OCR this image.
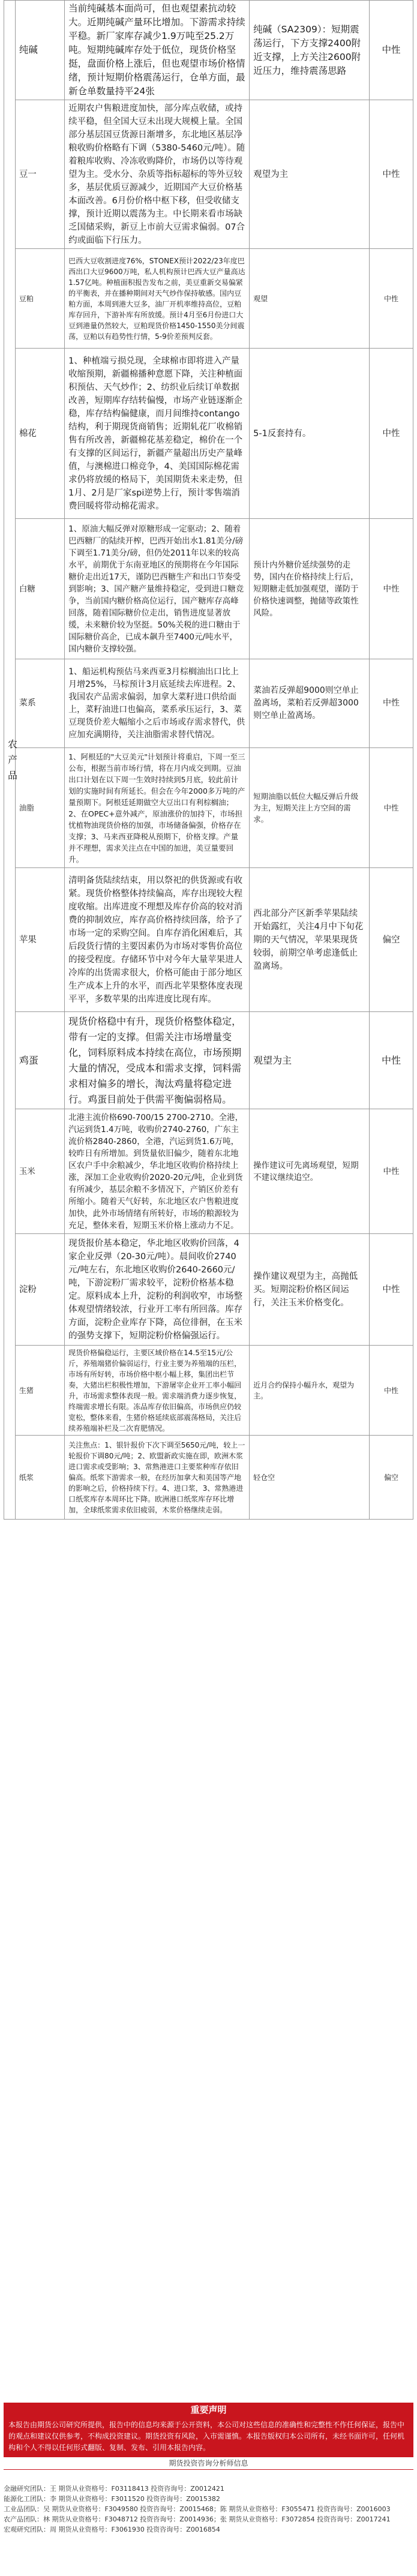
农产品	纯碱	当前纯碱基本面尚可，但也观望素抗动较大。近期纯碱产量环比增加。下游需求持续平稳。新厂家库存减少1.9万吨至25.2万吨。短期纯碱库存处于低位，现货价格坚挺，盘面价格上涨后，但也观望市场价格情绪，预计短期价格震荡运行，仓单方面，最新仓单数量持平24张	纯碱（SA2309）：短期震荡运行，下方支撑2400附近支撑，上方关注2600附近压力，维持震荡思路	中性
	豆一	近期农户售粮进度加快，部分库点收储，或持续平稳，但全国大豆未出现大规模上量。全国部分基层国豆货源日渐增多，东北地区基层净粮收购价格略有下调（5380-5460元/吨）。随着粮库收购、冷冻收购降价，市场仍以等待观望为主。受水分、杂质等指标超标的等外豆较多，基层优质豆源减少，近期国产大豆价格基本面改善。6月份价格中枢下移，但受收储支撑，预计近期以震荡为主。中长期来看市场缺乏国储采购，新豆上市前大豆需求偏弱。07合约或面临下行压力。	观望为主	中性
	豆粕	巴西大豆收割进度76%，STONEX预计2022/23年度巴西出口大豆9600万吨，私人机构预计巴西大豆产量高达1.57亿吨。种植面积报告发布之前，美豆重新交易偏紧的平衡表，并在播种期间对天气炒作保持敏感。国内豆粕方面，本周到港大豆多，油厂开机率维持高位，豆粕库存回升，下游补库有所放缓。预计4月至6月份进口大豆到港量仍然较大，豆粕现货价格1450-1550美分间震荡，豆粕以有趋势性行情，5-9价差预判反套。	观望	中性
	棉花	1、种植端亏损兑现，全球棉市即将进入产量收缩预期，新疆棉播种意愿下降，关注种植面积预估、天气炒作；2、纺织业后续订单数据改善，短期库存结转偏慢，市场产业链逐渐企稳，库存结构偏健康，而月间维持contango结构，利于期现货商销售；近期轧花厂收棉销售有所改善，新疆棉花基差稳定，棉价在一个有支撑的区间运行，新疆产量超出历史产量峰值，与澳棉进口棉竞争，4、美国国际棉花需求仍将放缓的格局下，美国期货未来走势，但1月、2月是厂家spi逆势上行，预计零售端消费回暖将带动棉花需求。	5-1反套持有。	中性
	白糖	1、原油大幅反弹对原糖形成一定驱动；2、随着巴西糖厂的陆续开榨，巴西开始出水1.81美分/磅下调至1.71美分/磅，但仍处2011年以来的较高水平，前期优于东南亚地区的预期将在今年国际糖价走出近17天，谨防巴西糖生产和出口节奏受到影响；3、国产糖产量维持稳定，受到进口糖竞争，当前国内糖价格高位运行，国产糖库存高峰回落，随着国际糖价位走出，销售进度显著放缓，未来糖价较为坚挺。50%关税的进口糖由于国际糖价高企，已成本飙升至7400元/吨水平，国内糖价支撑较强。	预计内外糖价延续强势的走势，国内在价格持续上行后，短期糖走低加强观望，谨防于价格快速调整，抛储等政策性风险。	中性
	菜系	1、船运机构预估马来西亚3月棕榈油出口比上月增25%，马棕预计3月底延续去库进程。2、我国农产品需求偏弱，加拿大菜籽进口供给面上，菜籽油进口也偏高，菜系承压运行，3、菜豆现货价差大幅缩小之后市场或存需求替代，供应加充满期待，关注油脂需求替代情况。	菜油若反弹超9000则空单止盈离场，菜粕若反弹超3000则空单止盈离场。	中性
	油脂	1、阿根廷的"大豆美元"计划预计将重启，下周一至三公布，根据当前市场行情，将在月内成交到期。豆油出口计划在以下周一生效时持续到5月底，较此前计划的实施时间有所延长。但会在今年2000多万吨的产量预期下。阿根廷延期做空大豆出口有利棕榈油；2、在OPEC+意外减产，原油涨价的加持下，市场担忧植物油现货价格的加强，市场储备偏强，价格存在支撑；3、马来西亚降税从预期下，价格支撑。产量并不理想，需求关注点在中国的加进，美豆量要回升。	短期油脂以低位大幅反弹后升级为主，短期关注上方空间的需求。	中性
	苹果	清明备货陆续结束，用以祭祀的供货源或有收紧。现货价格整体持续偏高，库存出现较大程度收缩。出库进度不理想及库存价高的较对消费的抑制效应，库存高价格持续回落，给予了市场一定的采购空间。自库存消化困难后，其后段货行情的主要因素仍为市场对零售价高位的接受程度。存储环节中对今年大量苹果进人冷库的出货需求很大，价格可能由于部分地区生产成本上升的水平，而西北苹果整体度表现平平，多数苹果的出库进度比现有库。	西北部分产区新季苹果陆续开始露红，关注4月中下旬花期的天气情况，苹果果现货较弱，前期空单考虑逢低止盈离场。	偏空
	鸡蛋	现货价格稳中有升，现货价格整体稳定，带有一定的支撑。但需关注市场增量变化，饲料原料成本持续在高位，市场预期大量的情况，受成本和需求支撑，饲料需求相对偏多的增长，淘汰鸡量将稳定进行。鸡蛋目前处于供需平衡偏弱格局。	观望为主	中性
	玉米	北港主流价格690-700/15 2700-2710。全港，汽运到货1.4万吨，收购价2740-2760，广东主流价格2840-2860，全港，汽运到货1.6万吨，较昨日有所增加。到货量依旧偏少，随着东北地区农户手中余粮减少，华北地区收购价格持续上涨，深加工企业收购价2020-20元/吨，企业到货有所减少，基层余粮不多情况下，产销区价差有所缩小。随着天气好转，东北地区农户售粮进度加快，此外市场情绪有所转好，市场的粮源较为充足，整体来看，短期玉米价格上涨动力不足。	操作建议可先离场观望，短期不建议继续追空。	中性
	淀粉	现货报价基本稳定，华北地区收购价回落，4家企业反弹（20-30元/吨）。晨间收价2740元/吨左右，东北地区收购价2640-2660元/吨，下游淀粉厂需求较平，淀粉价格基本稳定。原料成本上升，淀粉的利润收窄，市场整体观望情绪较浓，行业开工率有所回落。库存方面，淀粉企业库存下降，高位徘徊，在玉米的强势支撑下，短期淀粉价格偏强运行。	操作建议观望为主，高抛低买。短期淀粉价格区间运行，关注玉米价格变化。	中性
	生猪	现货价格偏稳运行，主要区域价格在14.5至15元/公斤，养殖端猪价偏弱运行，行业主要为养殖端的压栏，市场有所好转，市场价格中枢小幅上移，集团出栏节奏，大猪出栏积极性增加，下游屠宰企业开工率小幅回升，市场需求整体表现一般。需求端消费力逐步恢复，终端需求增长有限。冻品库存依旧偏高，市场供应仍较宽松，整体来看，生猪价格延续底部震荡格局，关注后续养殖端补栏及二次育肥情况。	近月合约保持小幅升水，观望为主。	中性
	纸浆	关注焦点：1、银针报价下次下调至5650元/吨，较上一轮报价下调80元/吨；2、欧盟新政实施在即，欧洲木浆进口需求或受影响；3、常熟港进口主要浆种库存依旧偏高。纸浆下游需求一般，在经历加拿大和美国等产地的影响之后，价格持续下行。4、进口浆，3、常熟港进口纸浆库存本周环比下降。欧洲港口纸浆库存环比增加，全球纸浆需求依旧疲弱，木浆价格继续走弱。	轻仓空	偏空
重要声明
本报告由期货公司研究所提供，报告中的信息均来源于公开资料，本公司对这些信息的准确性和完整性不作任何保证，报告中的观点和建议仅供参考，不构成投资建议。期货投资有风险，入市需谨慎。本报告版权归本公司所有，未经书面许可，任何机构和个人不得以任何形式翻版、复制、发布、引用本报告内容。
期货投资咨询分析师信息

金融研究团队：王 期货从业资格号：F03118413 投资咨询号：Z0012421

能源化工团队：李 期货从业资格号：F3011520 投资咨询号：Z0015382

工业品团队：吴 期货从业资格号：F3049580 投资咨询号：Z0015468；陈 期货从业资格号：F3055471 投资咨询号：Z0016003

农产品团队：林 期货从业资格号：F3048712 投资咨询号：Z0014936；张 期货从业资格号：F3072854 投资咨询号：Z0017241

宏观研究团队：周 期货从业资格号：F3061930 投资咨询号：Z0016854
